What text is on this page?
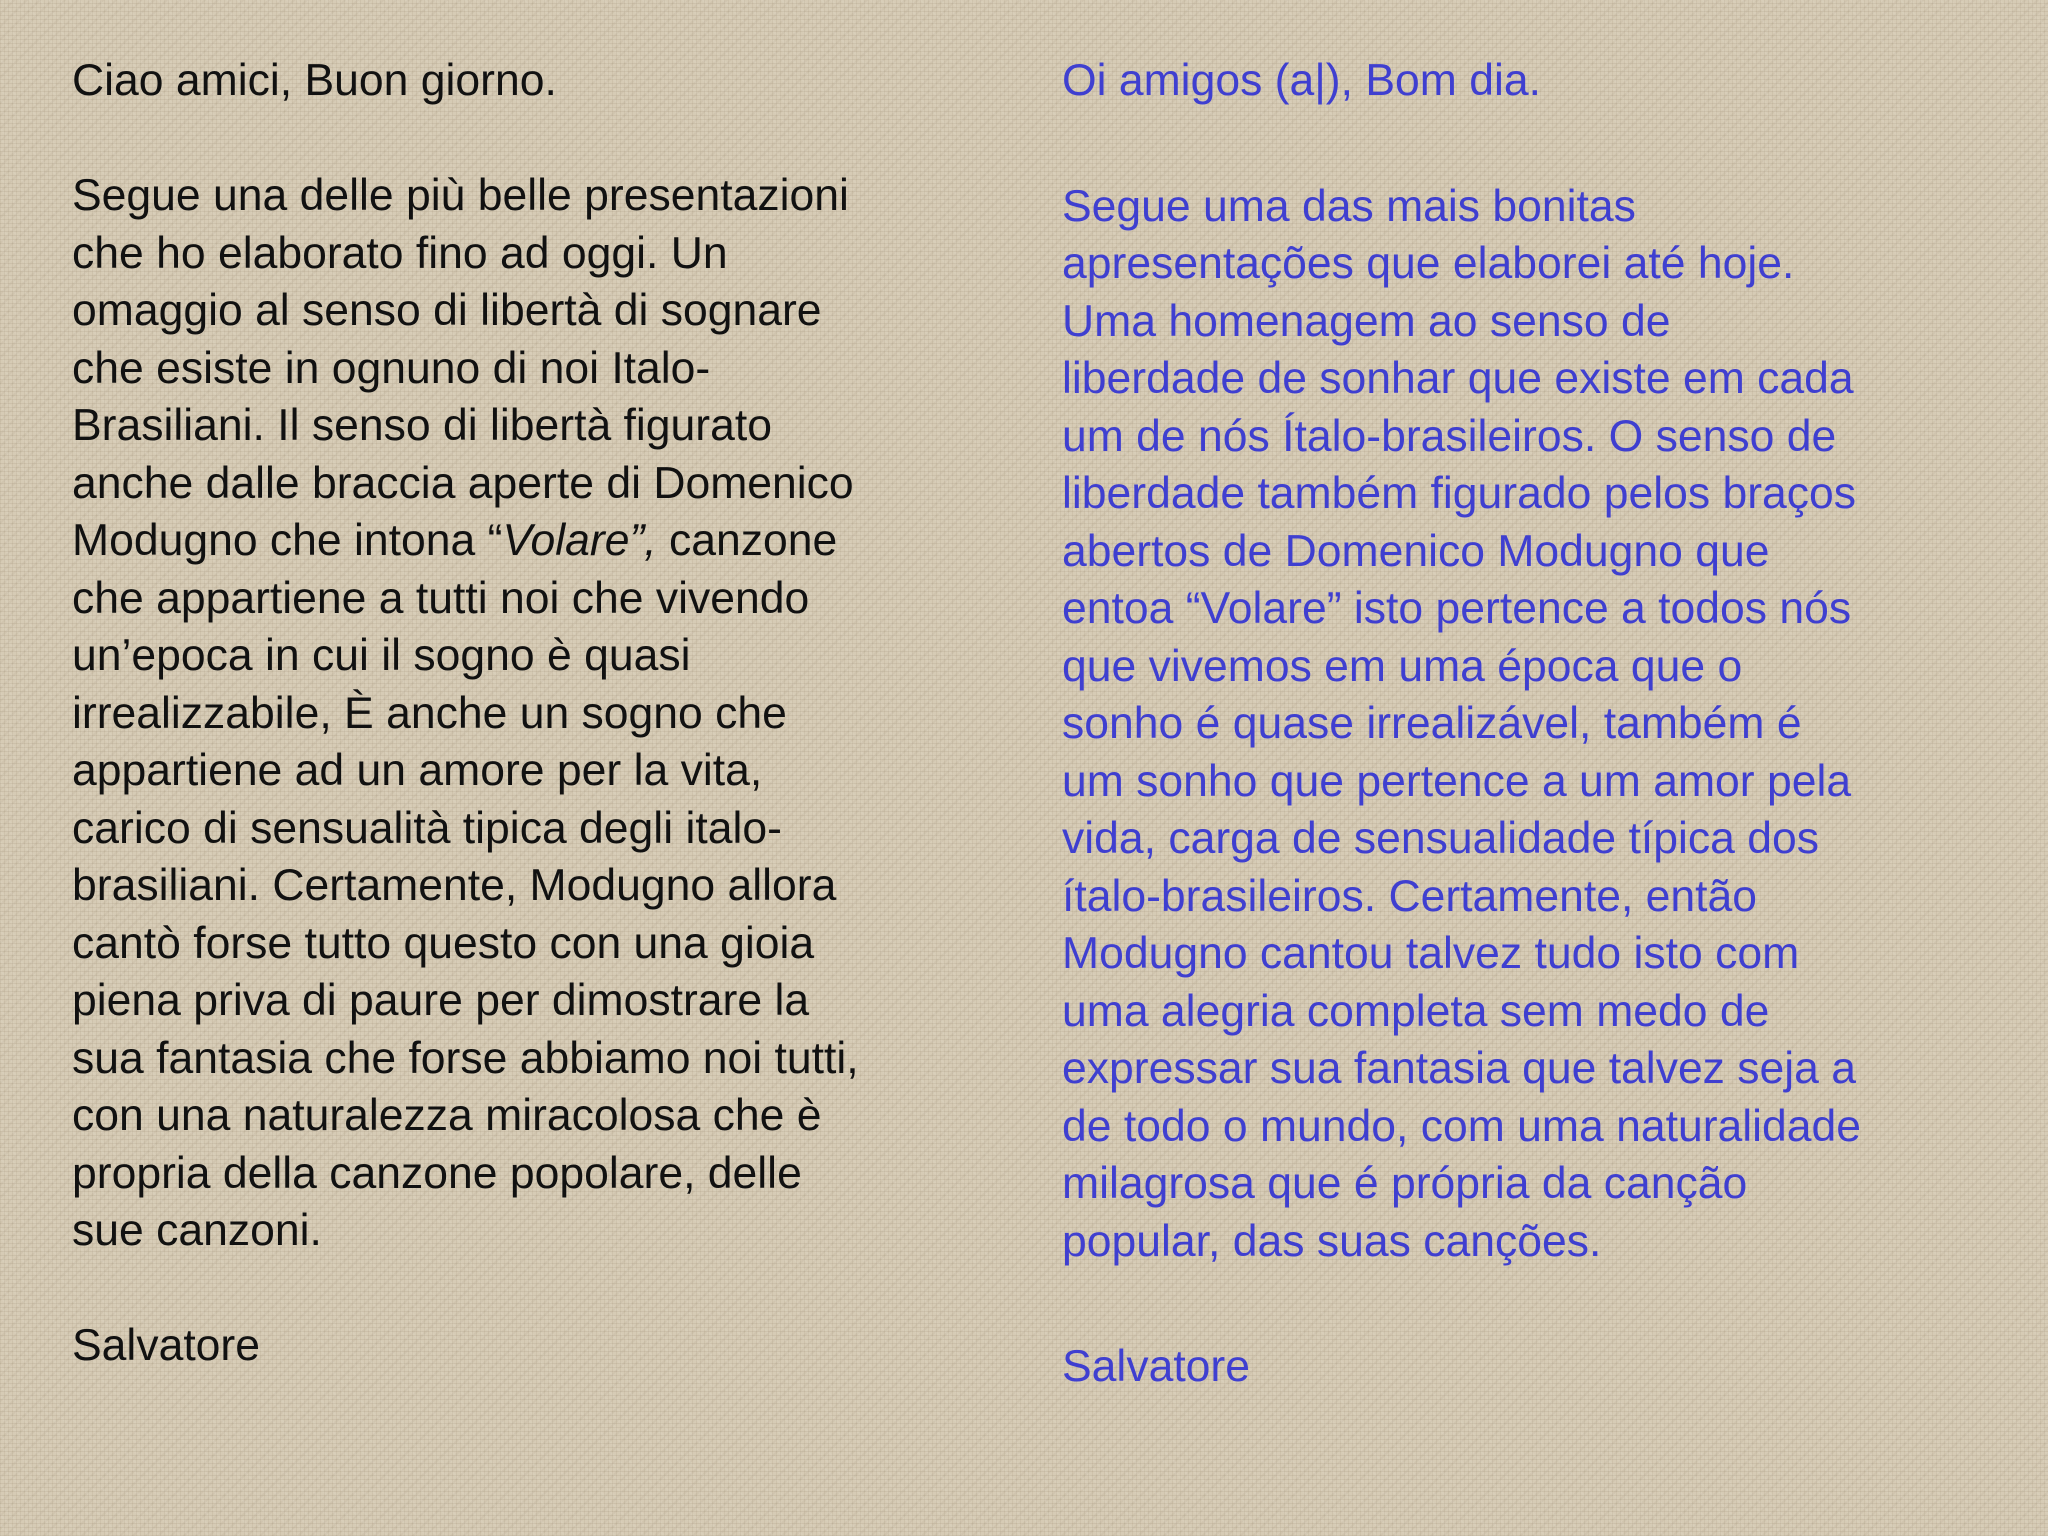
Ciao amici, Buon giorno.
Segue una delle più belle presentazioni
che ho elaborato fino ad oggi. Un
omaggio al senso di libertà di sognare
che esiste in ognuno di noi Italo-
Brasiliani. Il senso di libertà figurato
anche dalle braccia aperte di Domenico
Modugno che intona “Volare”, canzone
che appartiene a tutti noi che vivendo
un’epoca in cui il sogno è quasi
irrealizzabile, È anche un sogno che
appartiene ad un amore per la vita,
carico di sensualità tipica degli italo-
brasiliani. Certamente, Modugno allora
cantò forse tutto questo con una gioia
piena priva di paure per dimostrare la
sua fantasia che forse abbiamo noi tutti,
con una naturalezza miracolosa che è
propria della canzone popolare, delle
sue canzoni.
Salvatore
Oi amigos (a|), Bom dia.
Segue uma das mais bonitas
apresentações que elaborei até hoje.
Uma homenagem ao senso de
liberdade de sonhar que existe em cada
um de nós Ítalo-brasileiros. O senso de
liberdade também figurado pelos braços
abertos de Domenico Modugno que
entoa “Volare” isto pertence a todos nós
que vivemos em uma época que o
sonho é quase irrealizável, também é
um sonho que pertence a um amor pela
vida, carga de sensualidade típica dos
ítalo-brasileiros. Certamente, então
Modugno cantou talvez tudo isto com
uma alegria completa sem medo de
expressar sua fantasia que talvez seja a
de todo o mundo, com uma naturalidade
milagrosa que é própria da canção
popular, das suas canções.
Salvatore
